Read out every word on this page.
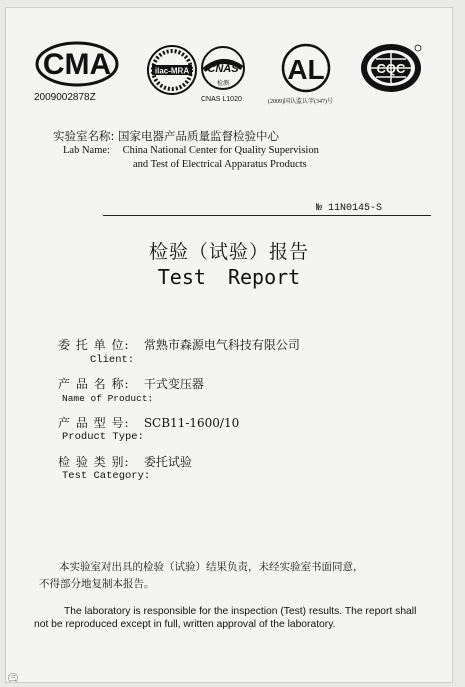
CMA
2009002878Z
ilac-MRA CNAS
检测
CNAS L1020
AL
(2009)国认监认字(347)号
CQC
实验室名称: 国家电器产品质量监督检验中心
Lab Name: China National Center for Quality Supervision
and Test of Electrical Apparatus Products
№ 11N0145-S
检验（试验）报告
Test Report
委 托 单 位: 常熟市森源电气科技有限公司
Client:
产 品 名 称: 干式变压器
Name of Product:
产 品 型 号: SCB11-1600/10
Product Type:
检 验 类 别: 委托试验
Test Category:
本实验室对出具的检验（试验）结果负责，未经实验室书面同意，
不得部分地复制本报告。
The laboratory is responsible for the inspection (Test) results. The report shall
not be reproduced except in full, written approval of the laboratory.
㊂
